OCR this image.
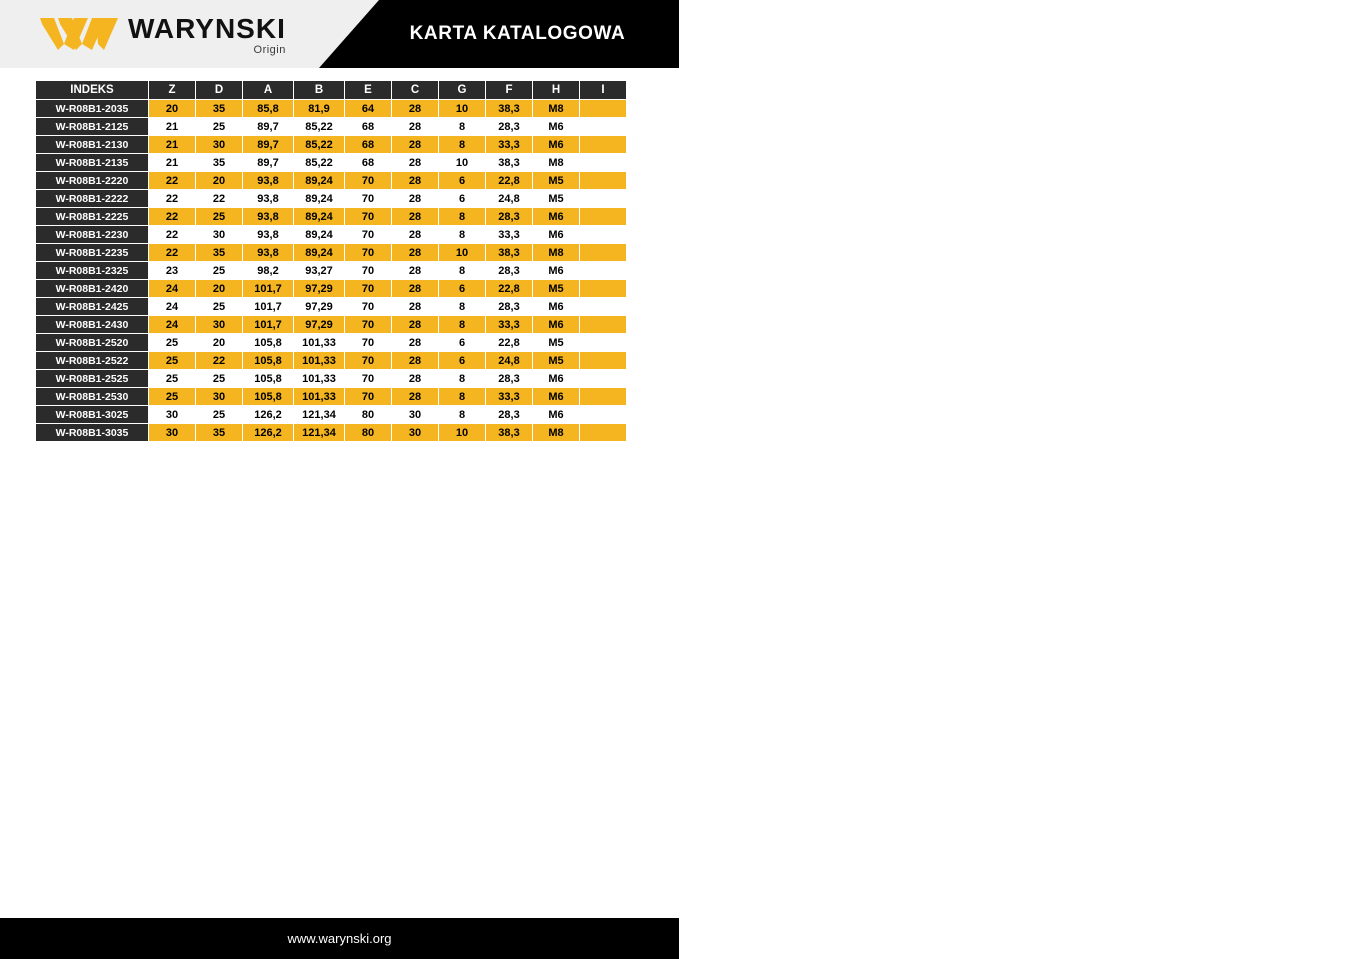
WARYNSKI
Origin
KARTA KATALOGOWA
INDEKS	Z	D	A	B	E	C	G	F	H	I
W-R08B1-2035	20	35	85,8	81,9	64	28	10	38,3	M8	
W-R08B1-2125	21	25	89,7	85,22	68	28	8	28,3	M6	
W-R08B1-2130	21	30	89,7	85,22	68	28	8	33,3	M6	
W-R08B1-2135	21	35	89,7	85,22	68	28	10	38,3	M8	
W-R08B1-2220	22	20	93,8	89,24	70	28	6	22,8	M5	
W-R08B1-2222	22	22	93,8	89,24	70	28	6	24,8	M5	
W-R08B1-2225	22	25	93,8	89,24	70	28	8	28,3	M6	
W-R08B1-2230	22	30	93,8	89,24	70	28	8	33,3	M6	
W-R08B1-2235	22	35	93,8	89,24	70	28	10	38,3	M8	
W-R08B1-2325	23	25	98,2	93,27	70	28	8	28,3	M6	
W-R08B1-2420	24	20	101,7	97,29	70	28	6	22,8	M5	
W-R08B1-2425	24	25	101,7	97,29	70	28	8	28,3	M6	
W-R08B1-2430	24	30	101,7	97,29	70	28	8	33,3	M6	
W-R08B1-2520	25	20	105,8	101,33	70	28	6	22,8	M5	
W-R08B1-2522	25	22	105,8	101,33	70	28	6	24,8	M5	
W-R08B1-2525	25	25	105,8	101,33	70	28	8	28,3	M6	
W-R08B1-2530	25	30	105,8	101,33	70	28	8	33,3	M6	
W-R08B1-3025	30	25	126,2	121,34	80	30	8	28,3	M6	
W-R08B1-3035	30	35	126,2	121,34	80	30	10	38,3	M8	
www.warynski.org
